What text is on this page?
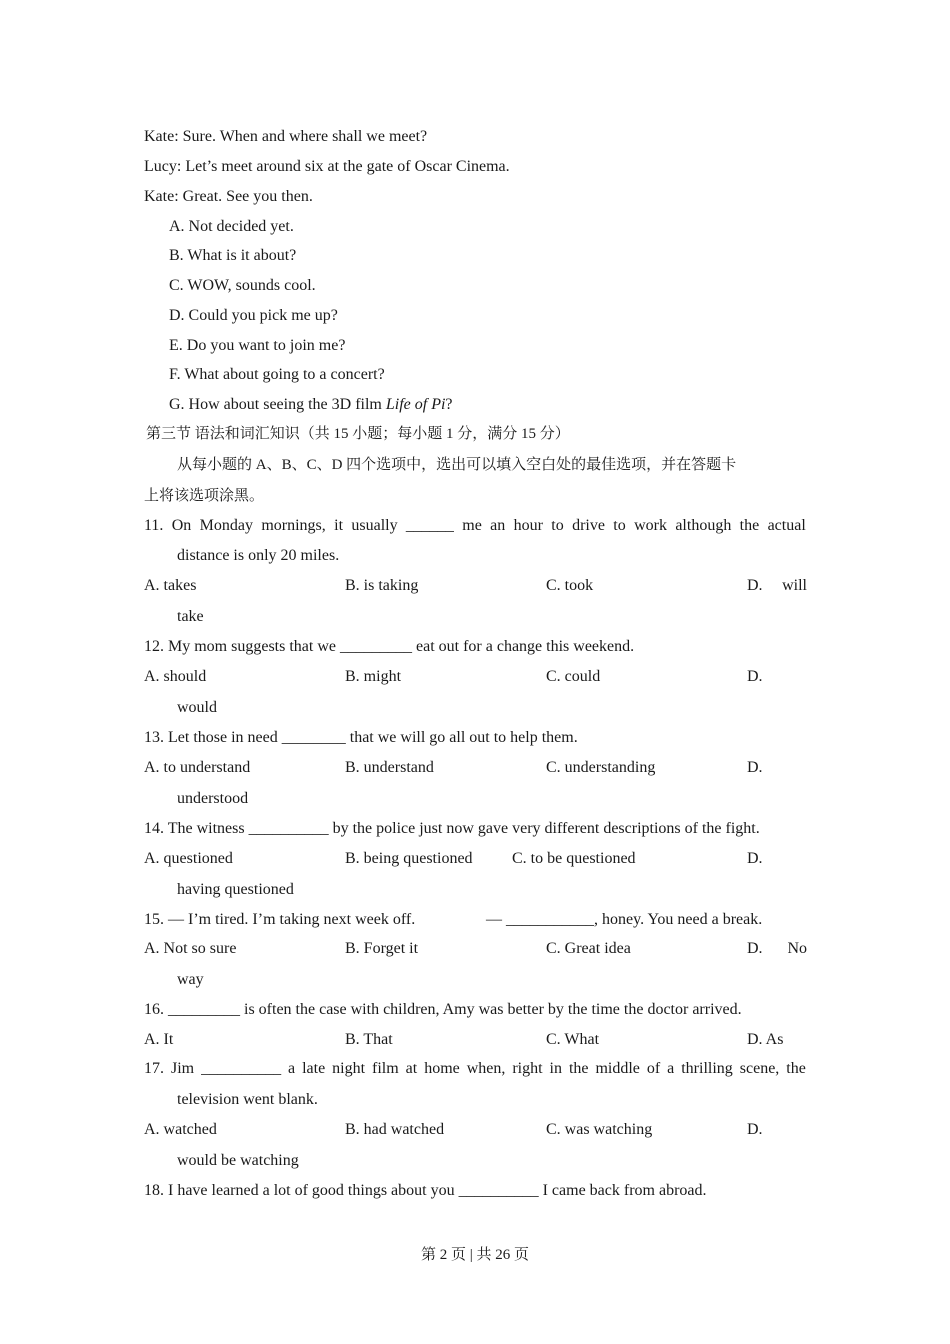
Kate: Sure. When and where shall we meet?
Lucy: Let’s meet around six at the gate of Oscar Cinema.
Kate: Great. See you then.
A. Not decided yet.
B. What is it about?
C. WOW, sounds cool.
D. Could you pick me up?
E. Do you want to join me?
F. What about going to a concert?
G. How about seeing the 3D film Life of Pi?
第三节 语法和词汇知识（共 15 小题；每小题 1 分，满分 15 分）
从每小题的 A、B、C、D 四个选项中，选出可以填入空白处的最佳选项，并在答题卡
上将该选项涂黑。
11. On Monday mornings, it usually ______ me an hour to drive to work although the actual
distance is only 20 miles.
A. takes	B. is taking	C. took	D. will
take
12. My mom suggests that we _________ eat out for a change this weekend.
A. should	B. might	C. could	D.
would
13. Let those in need ________ that we will go all out to help them.
A. to understand	B. understand	C. understanding	D.
understood
14. The witness __________ by the police just now gave very different descriptions of the fight.
A. questioned	B. being questioned C. to be questioned	D.
having questioned
15. — I’m tired. I’m taking next week off.	— ___________, honey. You need a break.
A. Not so sure	B. Forget it	C. Great idea	D. No
way
16. _________ is often the case with children, Amy was better by the time the doctor arrived.
A. It	B. That	C. What	D. As
17. Jim __________ a late night film at home when, right in the middle of a thrilling scene, the
television went blank.
A. watched	B. had watched	C. was watching	D.
would be watching
18. I have learned a lot of good things about you __________ I came back from abroad.
第 2 页 | 共 26 页
